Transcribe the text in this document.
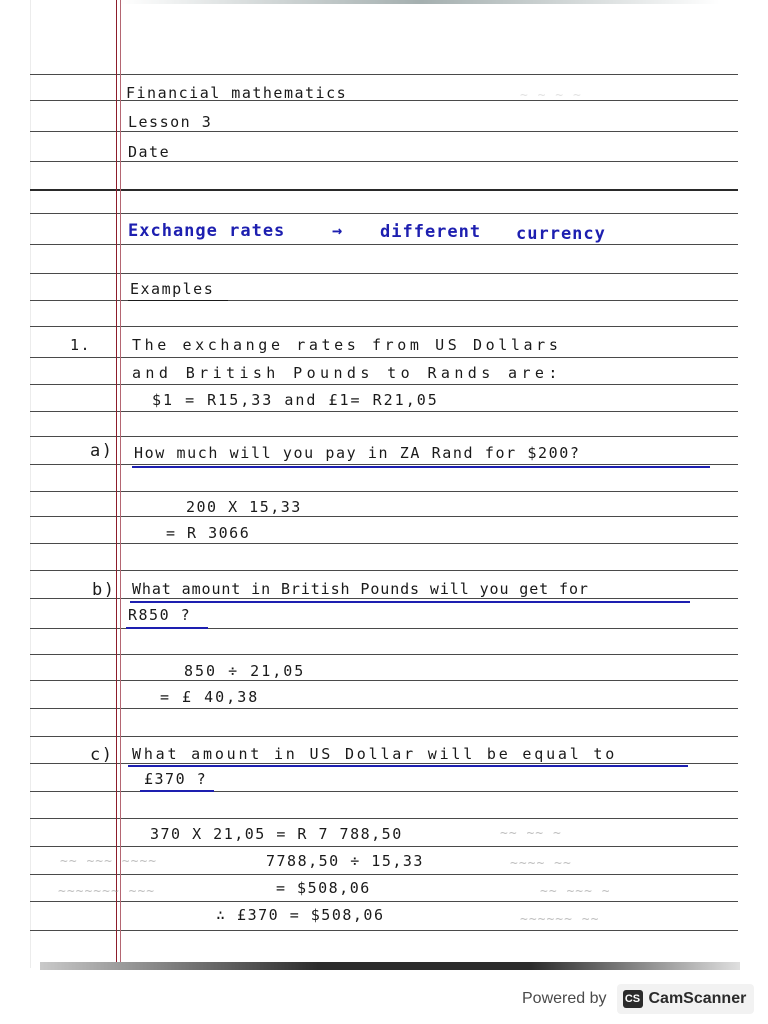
~ ~ ~ ~
~~ ~~ ~
~~ ~~~ ~~~~	~~~~ ~~
~~~~~~~ ~~~	~~ ~~~ ~
~~~~~~ ~~
Financial mathematics
Lesson 3
Date
Exchange rates	→ different currency
Examples
1.	The exchange rates from US Dollars
and British Pounds to Rands are:
$1 = R15,33 and £1= R21,05
a) How much will you pay in ZA Rand for $200?
200 X 15,33
= R 3066
b) What amount in British Pounds will you get for
R850 ?
850 ÷ 21,05
= £ 40,38
c) What amount in US Dollar will be equal to
£370 ?
370 X 21,05 = R 7 788,50
7788,50 ÷ 15,33
= $508,06
∴ £370 = $508,06
Powered by CS CamScanner
